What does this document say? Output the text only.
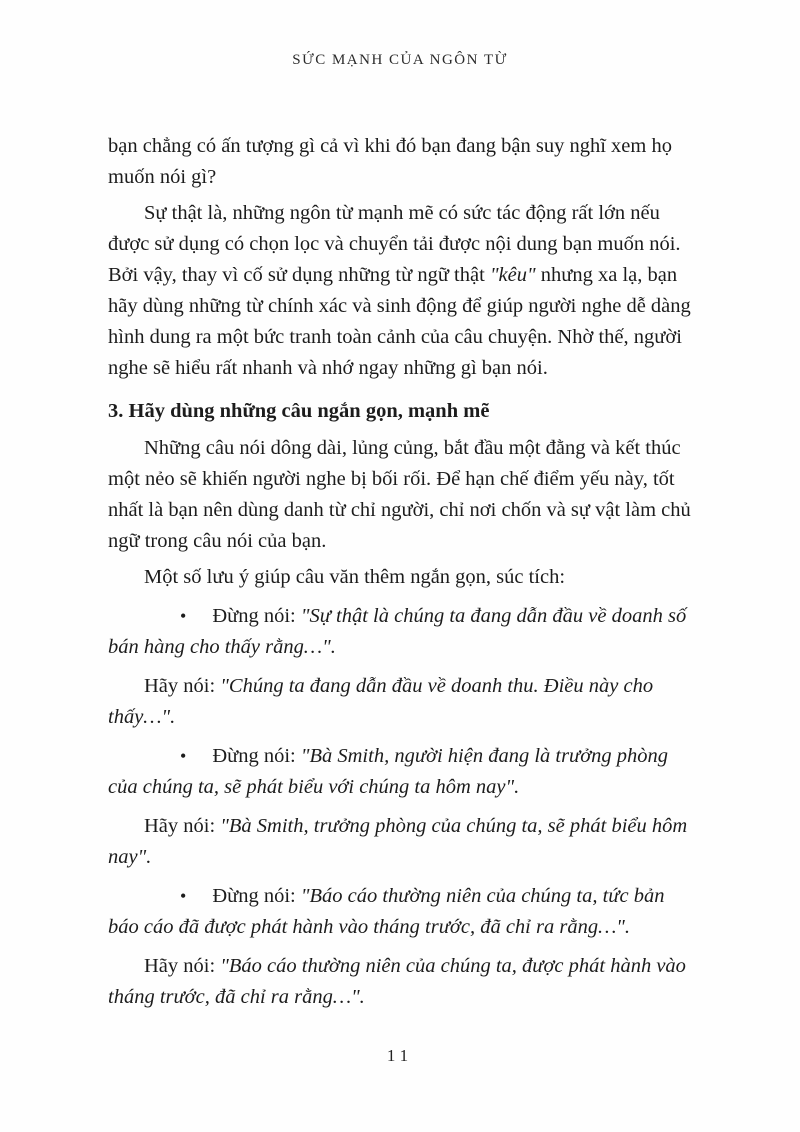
SỨC MẠNH CỦA NGÔN TỪ

bạn chẳng có ấn tượng gì cả vì khi đó bạn đang bận suy nghĩ xem họ muốn nói gì?

Sự thật là, những ngôn từ mạnh mẽ có sức tác động rất lớn nếu được sử dụng có chọn lọc và chuyển tải được nội dung bạn muốn nói. Bởi vậy, thay vì cố sử dụng những từ ngữ thật "kêu" nhưng xa lạ, bạn hãy dùng những từ chính xác và sinh động để giúp người nghe dễ dàng hình dung ra một bức tranh toàn cảnh của câu chuyện. Nhờ thế, người nghe sẽ hiểu rất nhanh và nhớ ngay những gì bạn nói.

3. Hãy dùng những câu ngắn gọn, mạnh mẽ

Những câu nói dông dài, lủng củng, bắt đầu một đằng và kết thúc một nẻo sẽ khiến người nghe bị bối rối. Để hạn chế điểm yếu này, tốt nhất là bạn nên dùng danh từ chỉ người, chỉ nơi chốn và sự vật làm chủ ngữ trong câu nói của bạn.

Một số lưu ý giúp câu văn thêm ngắn gọn, súc tích:

• Đừng nói: "Sự thật là chúng ta đang dẫn đầu về doanh số bán hàng cho thấy rằng…".

Hãy nói: "Chúng ta đang dẫn đầu về doanh thu. Điều này cho thấy…".

• Đừng nói: "Bà Smith, người hiện đang là trưởng phòng của chúng ta, sẽ phát biểu với chúng ta hôm nay".

Hãy nói: "Bà Smith, trưởng phòng của chúng ta, sẽ phát biểu hôm nay".

• Đừng nói: "Báo cáo thường niên của chúng ta, tức bản báo cáo đã được phát hành vào tháng trước, đã chỉ ra rằng…".

Hãy nói: "Báo cáo thường niên của chúng ta, được phát hành vào tháng trước, đã chỉ ra rằng…".

11
